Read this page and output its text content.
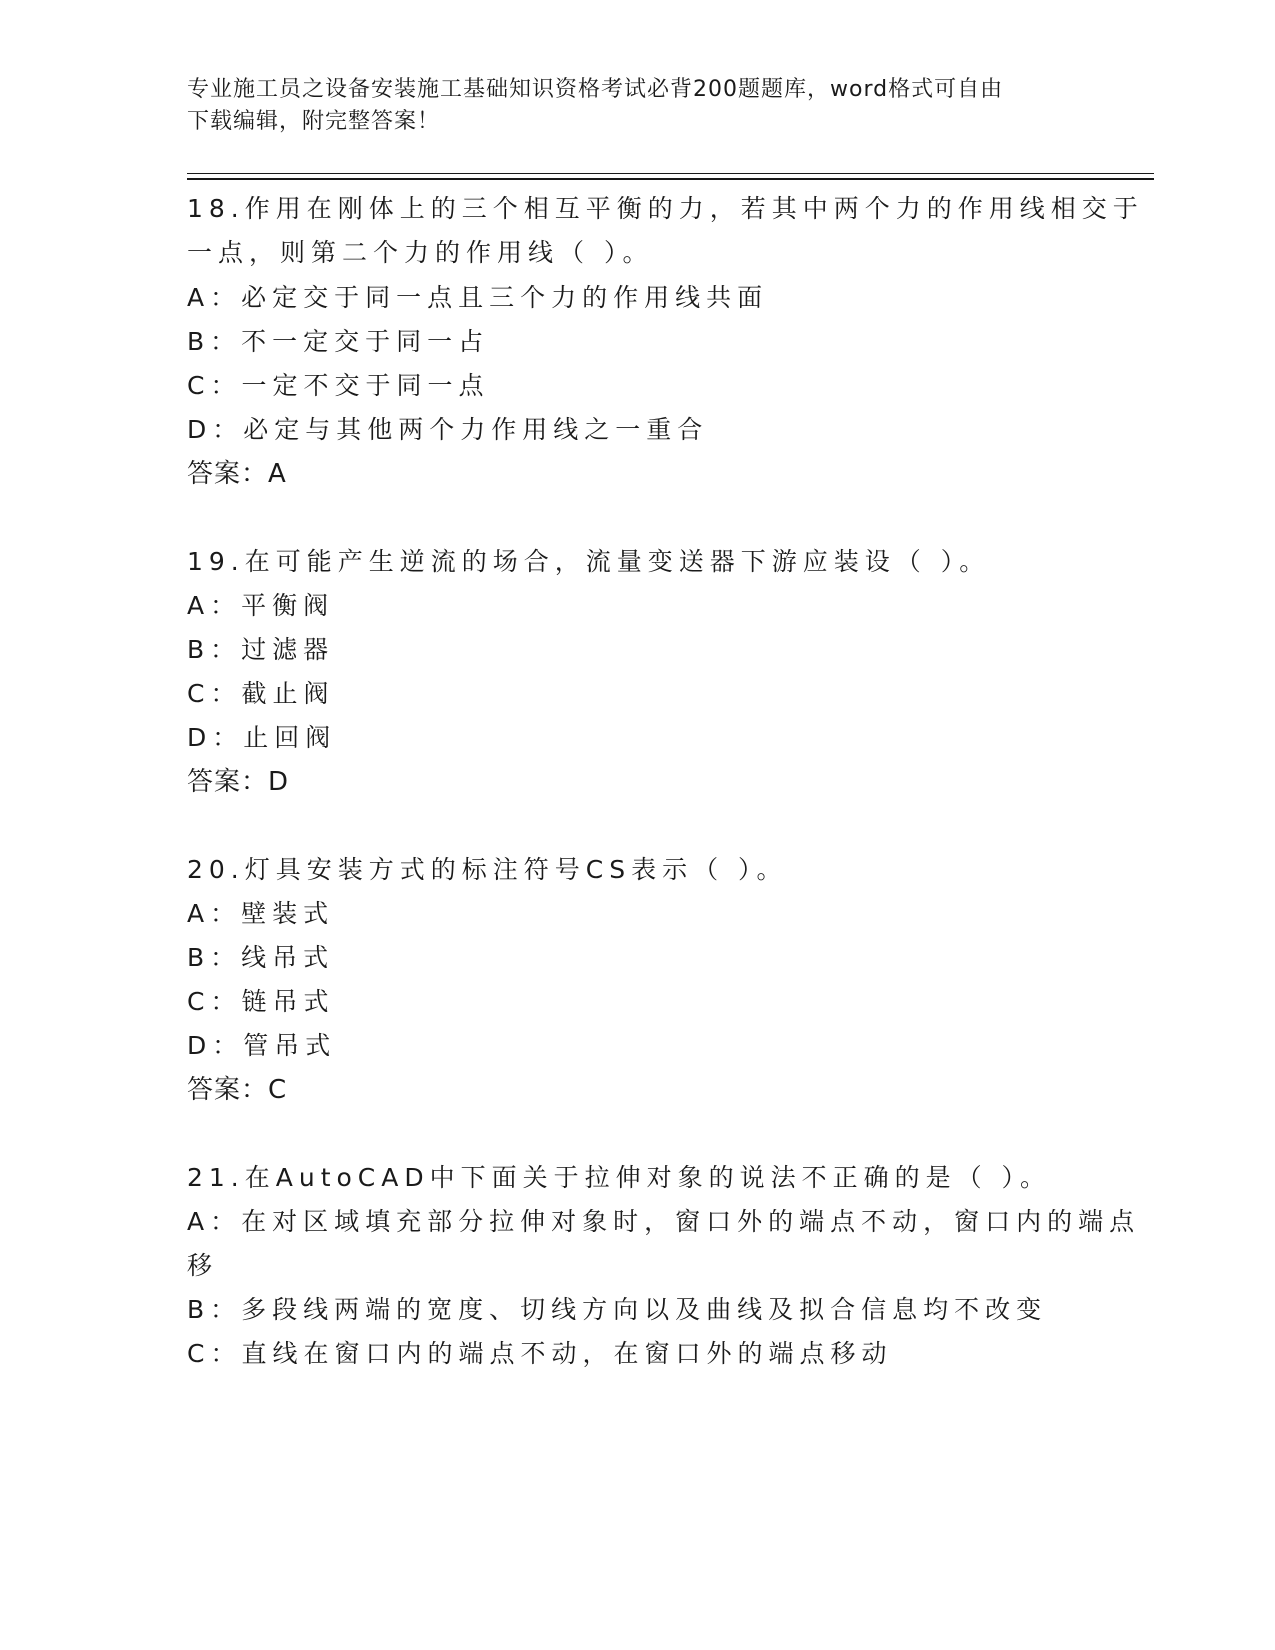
专业施工员之设备安装施工基础知识资格考试必背200题题库，word格式可自由
下载编辑，附完整答案！
18.作用在刚体上的三个相互平衡的力，若其中两个力的作用线相交于
一点，则第二个力的作用线（ ）。
A：必定交于同一点且三个力的作用线共面
B：不一定交于同一占
C：一定不交于同一点
D：必定与其他两个力作用线之一重合
答案：A
19.在可能产生逆流的场合，流量变送器下游应装设（ ）。
A：平衡阀
B：过滤器
C：截止阀
D：止回阀
答案：D
20.灯具安装方式的标注符号CS表示（ ）。
A：壁装式
B：线吊式
C：链吊式
D：管吊式
答案：C
21.在AutoCAD中下面关于拉伸对象的说法不正确的是（ ）。
A：在对区域填充部分拉伸对象时，窗口外的端点不动，窗口内的端点
移
B：多段线两端的宽度、切线方向以及曲线及拟合信息均不改变
C：直线在窗口内的端点不动，在窗口外的端点移动
